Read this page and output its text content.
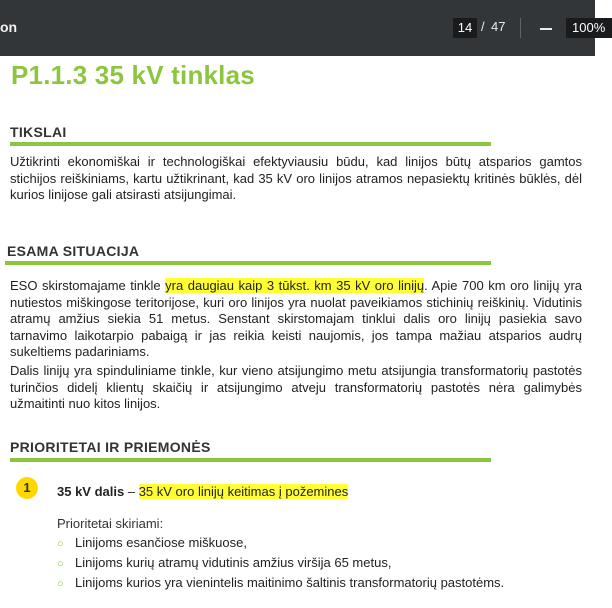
on	14 / 47	100%
P1.1.3 35 kV tinklas
TIKSLAI
Užtikrinti ekonomiškai ir technologiškai efektyviausiu būdu, kad linijos būtų atsparios gamtos stichijos reiškiniams, kartu užtikrinant, kad 35 kV oro linijos atramos nepasiektų kritinės būklės, dėl kurios linijose gali atsirasti atsijungimai.
ESAMA SITUACIJA
ESO skirstomajame tinkle yra daugiau kaip 3 tūkst. km 35 kV oro linijų. Apie 700 km oro linijų yra nutiestos miškingose teritorijose, kuri oro linijos yra nuolat paveikiamos stichinių reiškinių. Vidutinis atramų amžius siekia 51 metus. Senstant skirstomajam tinklui dalis oro linijų pasiekia savo tarnavimo laikotarpio pabaigą ir jas reikia keisti naujomis, jos tampa mažiau atsparios audrų sukeltiems padariniams.
Dalis linijų yra spinduliniame tinkle, kur vieno atsijungimo metu atsijungia transformatorių pastotės turinčios didelį klientų skaičių ir atsijungimo atveju transformatorių pastotės nėra galimybės užmaitinti nuo kitos linijos.
PRIORITETAI IR PRIEMONĖS
1	35 kV dalis – 35 kV oro linijų keitimas į požemines
Prioritetai skiriami:
○ Linijoms esančiose miškuose,
○ Linijoms kurių atramų vidutinis amžius viršija 65 metus,
○ Linijoms kurios yra vienintelis maitinimo šaltinis transformatorių pastotėms.
